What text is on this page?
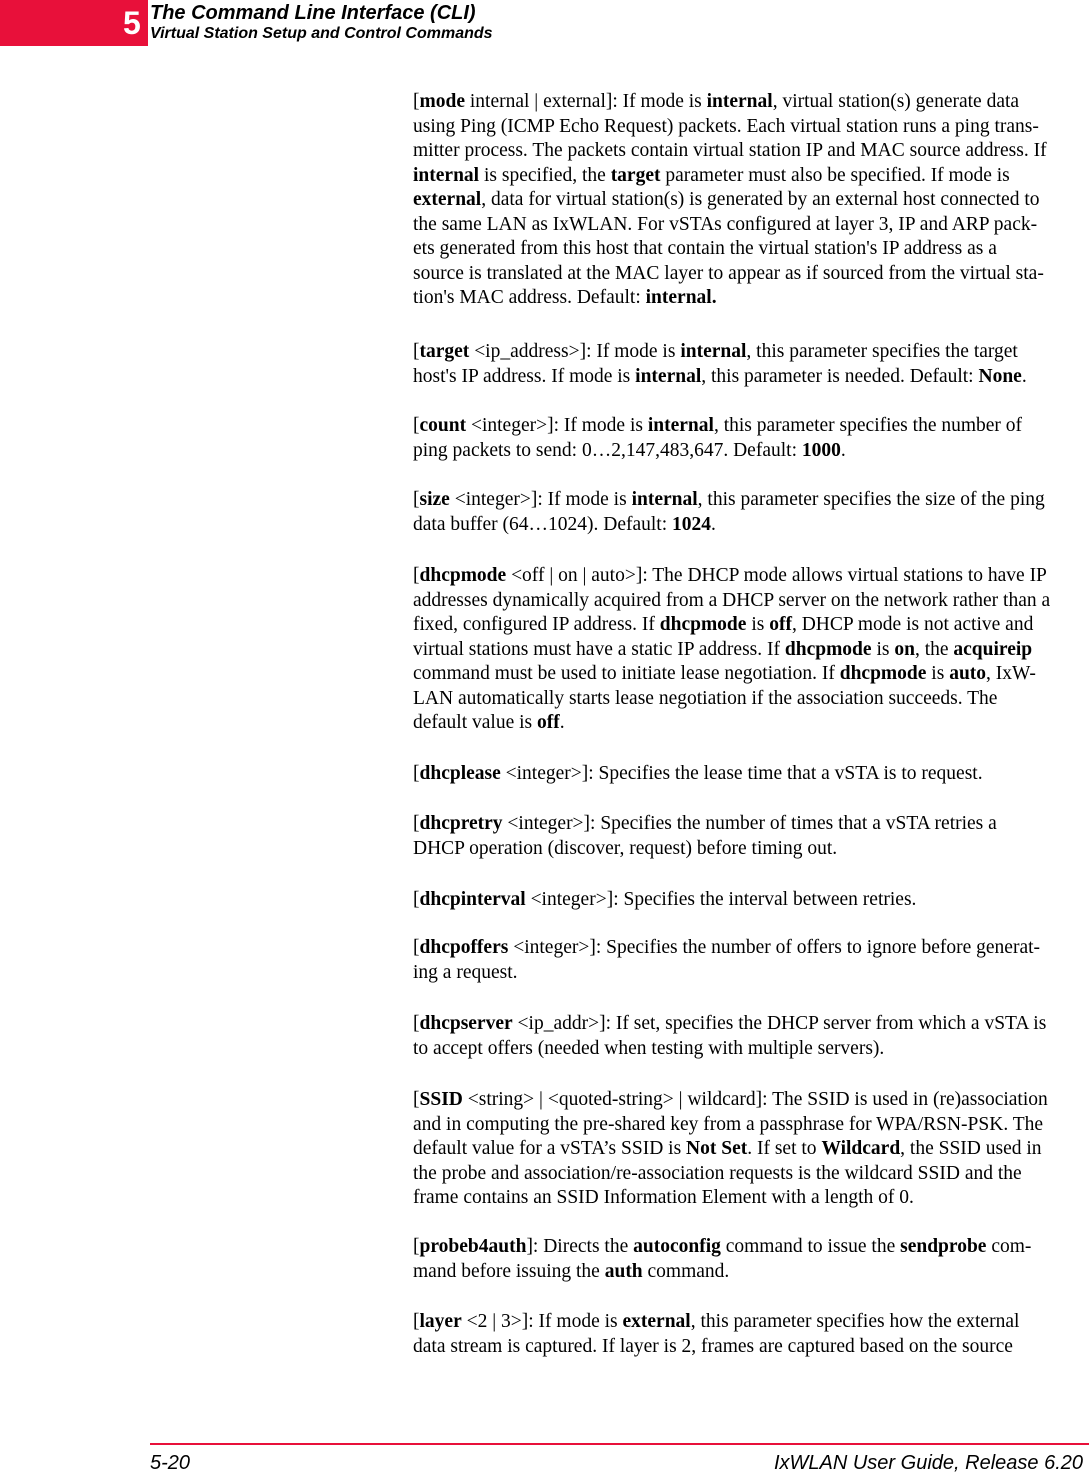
5 The Command Line Interface (CLI)
Virtual Station Setup and Control Commands

[mode internal | external]: If mode is internal, virtual station(s) generate data
using Ping (ICMP Echo Request) packets. Each virtual station runs a ping trans-
mitter process. The packets contain virtual station IP and MAC source address. If
internal is specified, the target parameter must also be specified. If mode is
external, data for virtual station(s) is generated by an external host connected to
the same LAN as IxWLAN. For vSTAs configured at layer 3, IP and ARP pack-
ets generated from this host that contain the virtual station's IP address as a
source is translated at the MAC layer to appear as if sourced from the virtual sta-
tion's MAC address. Default: internal.

[target <ip_address>]: If mode is internal, this parameter specifies the target
host's IP address. If mode is internal, this parameter is needed. Default: None.

[count <integer>]: If mode is internal, this parameter specifies the number of
ping packets to send: 0…2,147,483,647. Default: 1000.

[size <integer>]: If mode is internal, this parameter specifies the size of the ping
data buffer (64…1024). Default: 1024.

[dhcpmode <off | on | auto>]: The DHCP mode allows virtual stations to have IP
addresses dynamically acquired from a DHCP server on the network rather than a
fixed, configured IP address. If dhcpmode is off, DHCP mode is not active and
virtual stations must have a static IP address. If dhcpmode is on, the acquireip
command must be used to initiate lease negotiation. If dhcpmode is auto, IxW-
LAN automatically starts lease negotiation if the association succeeds. The
default value is off.

[dhcplease <integer>]: Specifies the lease time that a vSTA is to request.

[dhcpretry <integer>]: Specifies the number of times that a vSTA retries a
DHCP operation (discover, request) before timing out.

[dhcpinterval <integer>]: Specifies the interval between retries.

[dhcpoffers <integer>]: Specifies the number of offers to ignore before generat-
ing a request.

[dhcpserver <ip_addr>]: If set, specifies the DHCP server from which a vSTA is
to accept offers (needed when testing with multiple servers).

[SSID <string> | <quoted-string> | wildcard]: The SSID is used in (re)association
and in computing the pre-shared key from a passphrase for WPA/RSN-PSK. The
default value for a vSTA’s SSID is Not Set. If set to Wildcard, the SSID used in
the probe and association/re-association requests is the wildcard SSID and the
frame contains an SSID Information Element with a length of 0.

[probeb4auth]: Directs the autoconfig command to issue the sendprobe com-
mand before issuing the auth command.

[layer <2 | 3>]: If mode is external, this parameter specifies how the external
data stream is captured. If layer is 2, frames are captured based on the source

5-20	IxWLAN User Guide, Release 6.20
